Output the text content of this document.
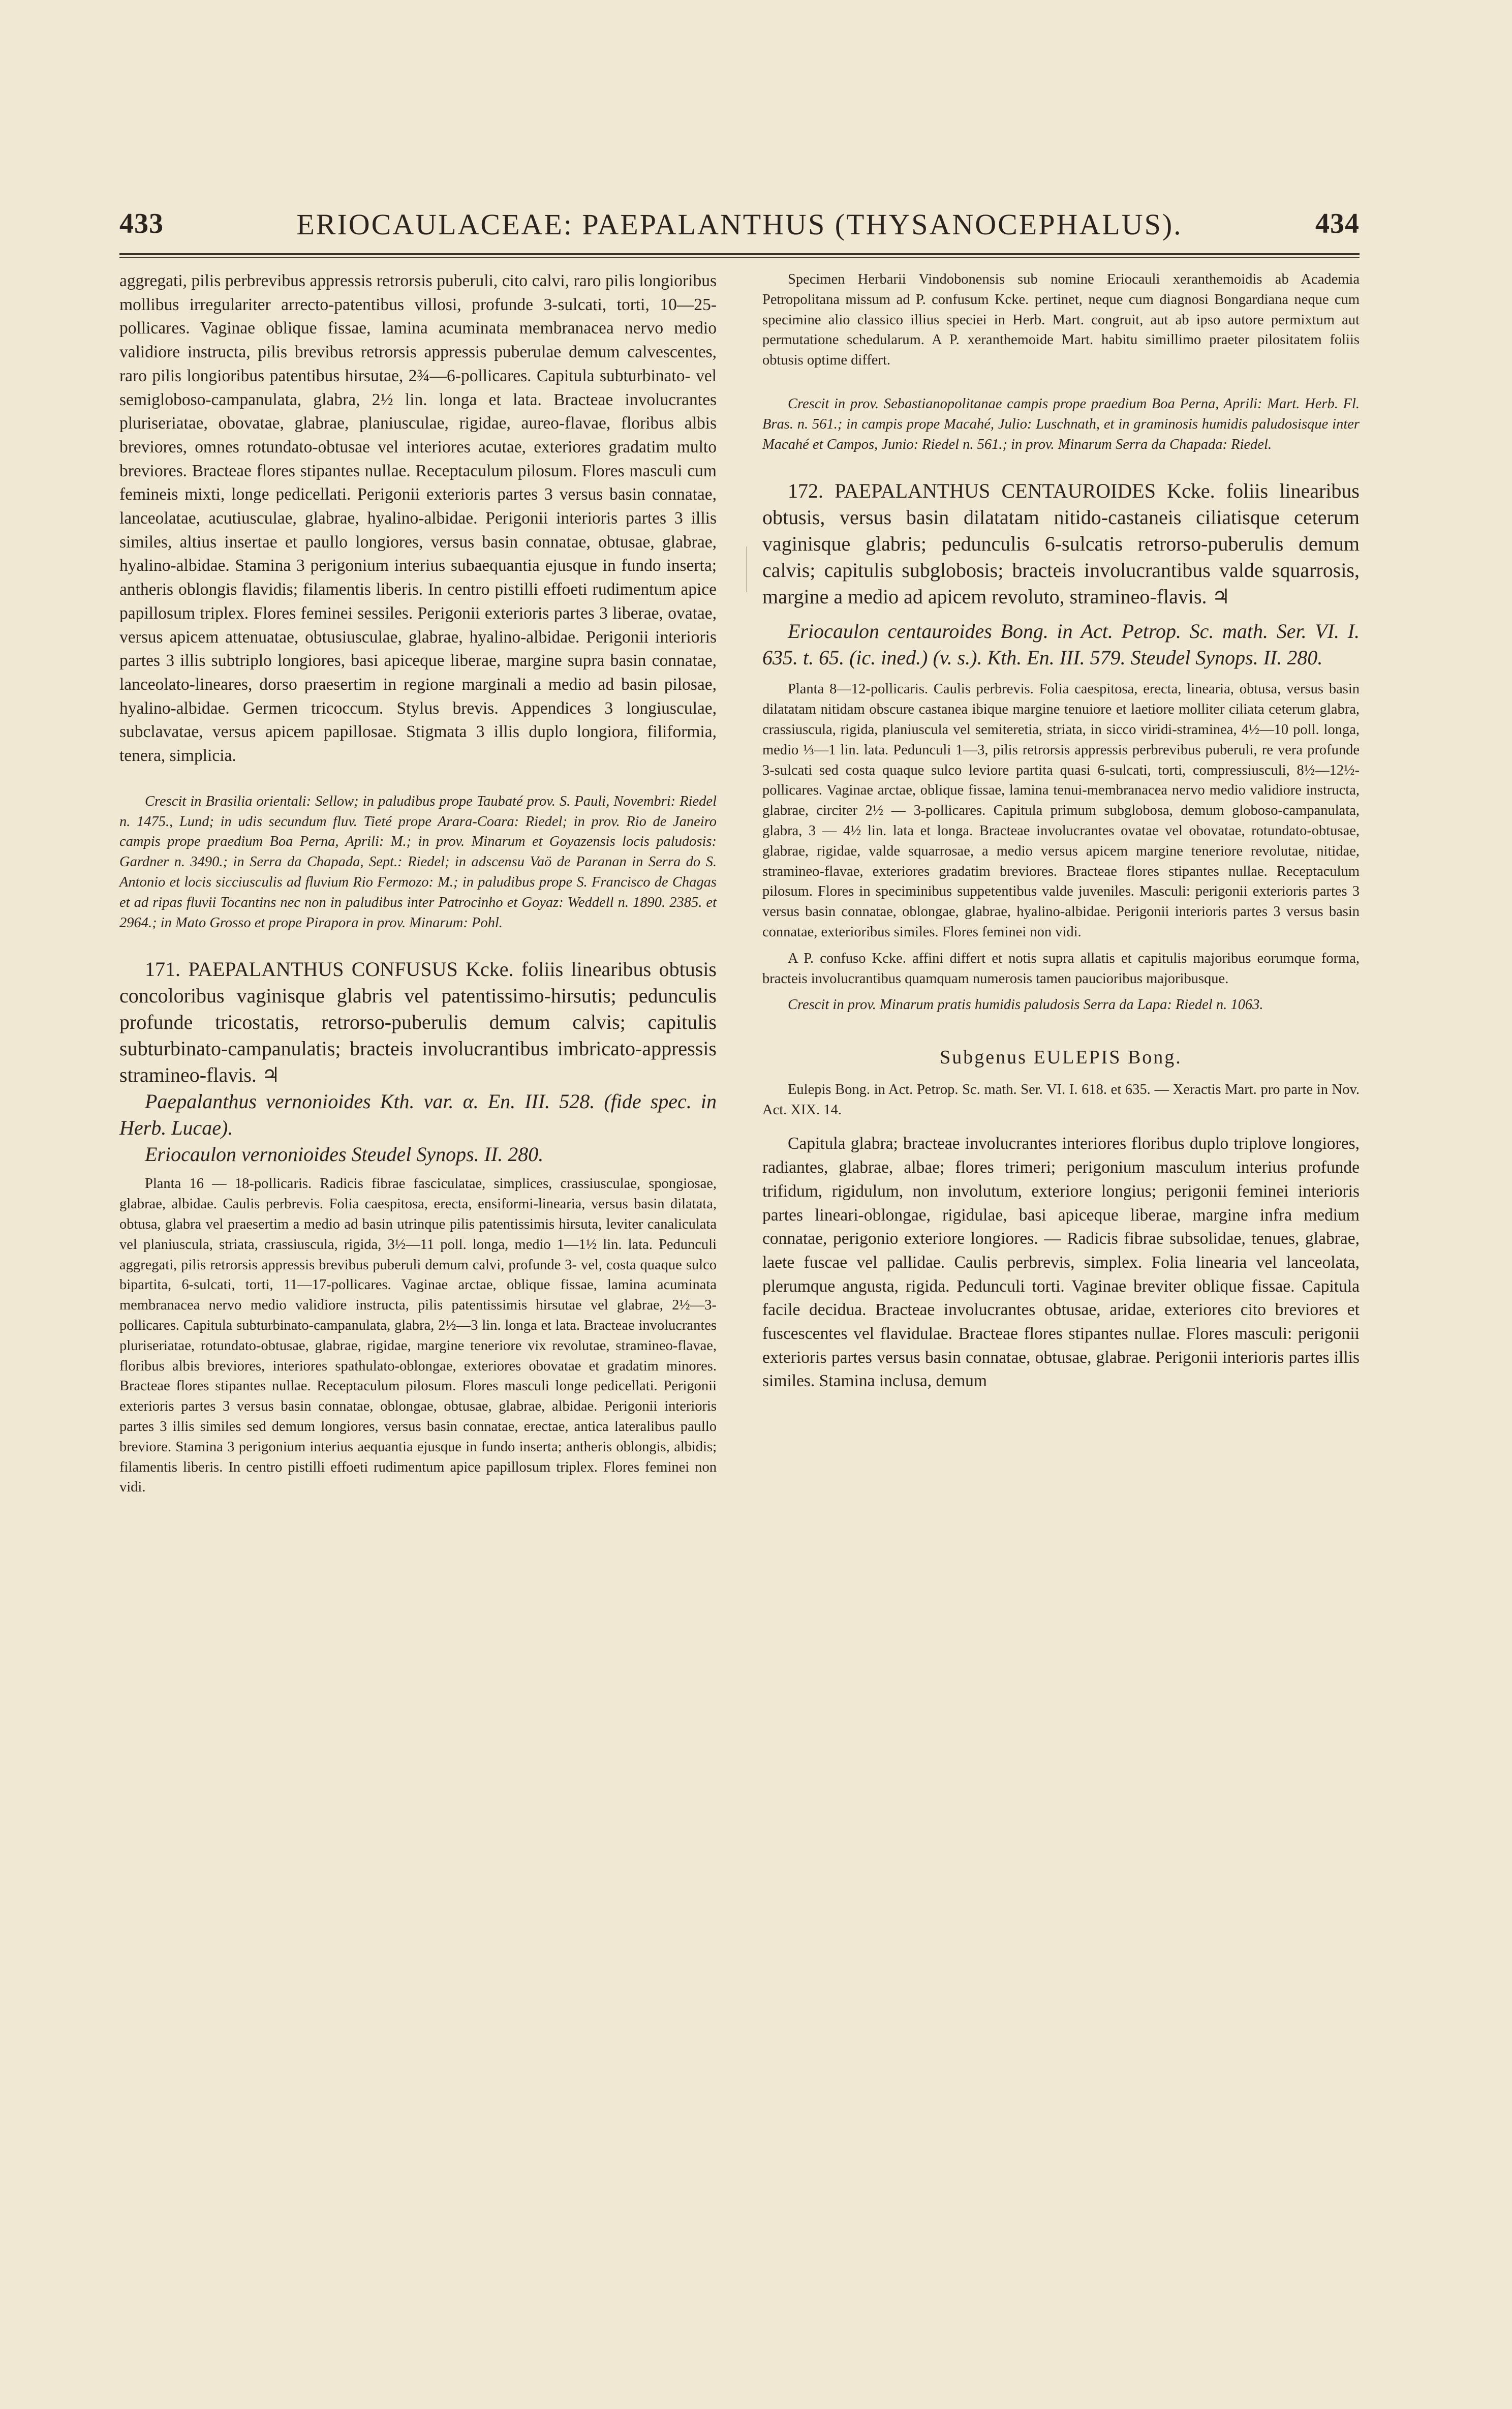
433	ERIOCAULACEAE: PAEPALANTHUS (THYSANOCEPHALUS).	434

aggregati, pilis perbrevibus appressis retrorsis puberuli, cito calvi, raro pilis longioribus mollibus irregulariter arrecto-patentibus villosi, profunde 3-sulcati, torti, 10—25-pollicares. Vaginae oblique fissae, lamina acuminata membranacea nervo medio validiore instructa, pilis brevibus retrorsis appressis puberulae demum calvescentes, raro pilis longioribus patentibus hirsutae, 2¾—6-pollicares. Capitula subturbinato- vel semigloboso-campanulata, glabra, 2½ lin. longa et lata. Bracteae involucrantes pluriseriatae, obovatae, glabrae, planiusculae, rigidae, aureo-flavae, floribus albis breviores, omnes rotundato-obtusae vel interiores acutae, exteriores gradatim multo breviores. Bracteae flores stipantes nullae. Receptaculum pilosum. Flores masculi cum femineis mixti, longe pedicellati. Perigonii exterioris partes 3 versus basin connatae, lanceolatae, acutiusculae, glabrae, hyalino-albidae. Perigonii interioris partes 3 illis similes, altius insertae et paullo longiores, versus basin connatae, obtusae, glabrae, hyalino-albidae. Stamina 3 perigonium interius subaequantia ejusque in fundo inserta; antheris oblongis flavidis; filamentis liberis. In centro pistilli effoeti rudimentum apice papillosum triplex. Flores feminei sessiles. Perigonii exterioris partes 3 liberae, ovatae, versus apicem attenuatae, obtusiusculae, glabrae, hyalino-albidae. Perigonii interioris partes 3 illis subtriplo longiores, basi apiceque liberae, margine supra basin connatae, lanceolato-lineares, dorso praesertim in regione marginali a medio ad basin pilosae, hyalino-albidae. Germen tricoccum. Stylus brevis. Appendices 3 longiusculae, subclavatae, versus apicem papillosae. Stigmata 3 illis duplo longiora, filiformia, tenera, simplicia.

Crescit in Brasilia orientali: Sellow; in paludibus prope Taubaté prov. S. Pauli, Novembri: Riedel n. 1475., Lund; in udis secundum fluv. Tieté prope Arara-Coara: Riedel; in prov. Rio de Janeiro campis prope praedium Boa Perna, Aprili: M.; in prov. Minarum et Goyazensis locis paludosis: Gardner n. 3490.; in Serra da Chapada, Sept.: Riedel; in adscensu Vaö de Paranan in Serra do S. Antonio et locis sicciusculis ad fluvium Rio Fermozo: M.; in paludibus prope S. Francisco de Chagas et ad ripas fluvii Tocantins nec non in paludibus inter Patrocinho et Goyaz: Weddell n. 1890. 2385. et 2964.; in Mato Grosso et prope Pirapora in prov. Minarum: Pohl.

171. PAEPALANTHUS CONFUSUS Kcke. foliis linearibus obtusis concoloribus vaginisque glabris vel patentissimo-hirsutis; pedunculis profunde tricostatis, retrorso-puberulis demum calvis; capitulis subturbinato-campanulatis; bracteis involucrantibus imbricato-appressis stramineo-flavis. ♃

Paepalanthus vernonioides Kth. var. α. En. III. 528. (fide spec. in Herb. Lucae).

Eriocaulon vernonioides Steudel Synops. II. 280.

Planta 16 — 18-pollicaris. Radicis fibrae fasciculatae, simplices, crassiusculae, spongiosae, glabrae, albidae. Caulis perbrevis. Folia caespitosa, erecta, ensiformi-linearia, versus basin dilatata, obtusa, glabra vel praesertim a medio ad basin utrinque pilis patentissimis hirsuta, leviter canaliculata vel planiuscula, striata, crassiuscula, rigida, 3½—11 poll. longa, medio 1—1½ lin. lata. Pedunculi aggregati, pilis retrorsis appressis brevibus puberuli demum calvi, profunde 3- vel, costa quaque sulco bipartita, 6-sulcati, torti, 11—17-pollicares. Vaginae arctae, oblique fissae, lamina acuminata membranacea nervo medio validiore instructa, pilis patentissimis hirsutae vel glabrae, 2½—3-pollicares. Capitula subturbinato-campanulata, glabra, 2½—3 lin. longa et lata. Bracteae involucrantes pluriseriatae, rotundato-obtusae, glabrae, rigidae, margine teneriore vix revolutae, stramineo-flavae, floribus albis breviores, interiores spathulato-oblongae, exteriores obovatae et gradatim minores. Bracteae flores stipantes nullae. Receptaculum pilosum. Flores masculi longe pedicellati. Perigonii exterioris partes 3 versus basin connatae, oblongae, obtusae, glabrae, albidae. Perigonii interioris partes 3 illis similes sed demum longiores, versus basin connatae, erectae, antica lateralibus paullo breviore. Stamina 3 perigonium interius aequantia ejusque in fundo inserta; antheris oblongis, albidis; filamentis liberis. In centro pistilli effoeti rudimentum apice papillosum triplex. Flores feminei non vidi.

Specimen Herbarii Vindobonensis sub nomine Eriocauli xeranthemoidis ab Academia Petropolitana missum ad P. confusum Kcke. pertinet, neque cum diagnosi Bongardiana neque cum specimine alio classico illius speciei in Herb. Mart. congruit, aut ab ipso autore permixtum aut permutatione schedularum. A P. xeranthemoide Mart. habitu simillimo praeter pilositatem foliis obtusis optime differt.

Crescit in prov. Sebastianopolitanae campis prope praedium Boa Perna, Aprili: Mart. Herb. Fl. Bras. n. 561.; in campis prope Macahé, Julio: Luschnath, et in graminosis humidis paludosisque inter Macahé et Campos, Junio: Riedel n. 561.; in prov. Minarum Serra da Chapada: Riedel.

172. PAEPALANTHUS CENTAUROIDES Kcke. foliis linearibus obtusis, versus basin dilatatam nitido-castaneis ciliatisque ceterum vaginisque glabris; pedunculis 6-sulcatis retrorso-puberulis demum calvis; capitulis subglobosis; bracteis involucrantibus valde squarrosis, margine a medio ad apicem revoluto, stramineo-flavis. ♃

Eriocaulon centauroides Bong. in Act. Petrop. Sc. math. Ser. VI. I. 635. t. 65. (ic. ined.) (v. s.). Kth. En. III. 579. Steudel Synops. II. 280.

Planta 8—12-pollicaris. Caulis perbrevis. Folia caespitosa, erecta, linearia, obtusa, versus basin dilatatam nitidam obscure castanea ibique margine tenuiore et laetiore molliter ciliata ceterum glabra, crassiuscula, rigida, planiuscula vel semiteretia, striata, in sicco viridi-straminea, 4½—10 poll. longa, medio ⅓—1 lin. lata. Pedunculi 1—3, pilis retrorsis appressis perbrevibus puberuli, re vera profunde 3-sulcati sed costa quaque sulco leviore partita quasi 6-sulcati, torti, compressiusculi, 8½—12½-pollicares. Vaginae arctae, oblique fissae, lamina tenui-membranacea nervo medio validiore instructa, glabrae, circiter 2½ — 3-pollicares. Capitula primum subglobosa, demum globoso-campanulata, glabra, 3 — 4½ lin. lata et longa. Bracteae involucrantes ovatae vel obovatae, rotundato-obtusae, glabrae, rigidae, valde squarrosae, a medio versus apicem margine teneriore revolutae, nitidae, stramineo-flavae, exteriores gradatim breviores. Bracteae flores stipantes nullae. Receptaculum pilosum. Flores in speciminibus suppetentibus valde juveniles. Masculi: perigonii exterioris partes 3 versus basin connatae, oblongae, glabrae, hyalino-albidae. Perigonii interioris partes 3 versus basin connatae, exterioribus similes. Flores feminei non vidi.

A P. confuso Kcke. affini differt et notis supra allatis et capitulis majoribus eorumque forma, bracteis involucrantibus quamquam numerosis tamen paucioribus majoribusque.

Crescit in prov. Minarum pratis humidis paludosis Serra da Lapa: Riedel n. 1063.

Subgenus EULEPIS Bong.

Eulepis Bong. in Act. Petrop. Sc. math. Ser. VI. I. 618. et 635. — Xeractis Mart. pro parte in Nov. Act. XIX. 14.

Capitula glabra; bracteae involucrantes interiores floribus duplo triplove longiores, radiantes, glabrae, albae; flores trimeri; perigonium masculum interius profunde trifidum, rigidulum, non involutum, exteriore longius; perigonii feminei interioris partes lineari-oblongae, rigidulae, basi apiceque liberae, margine infra medium connatae, perigonio exteriore longiores. — Radicis fibrae subsolidae, tenues, glabrae, laete fuscae vel pallidae. Caulis perbrevis, simplex. Folia linearia vel lanceolata, plerumque angusta, rigida. Pedunculi torti. Vaginae breviter oblique fissae. Capitula facile decidua. Bracteae involucrantes obtusae, aridae, exteriores cito breviores et fuscescentes vel flavidulae. Bracteae flores stipantes nullae. Flores masculi: perigonii exterioris partes versus basin connatae, obtusae, glabrae. Perigonii interioris partes illis similes. Stamina inclusa, demum
